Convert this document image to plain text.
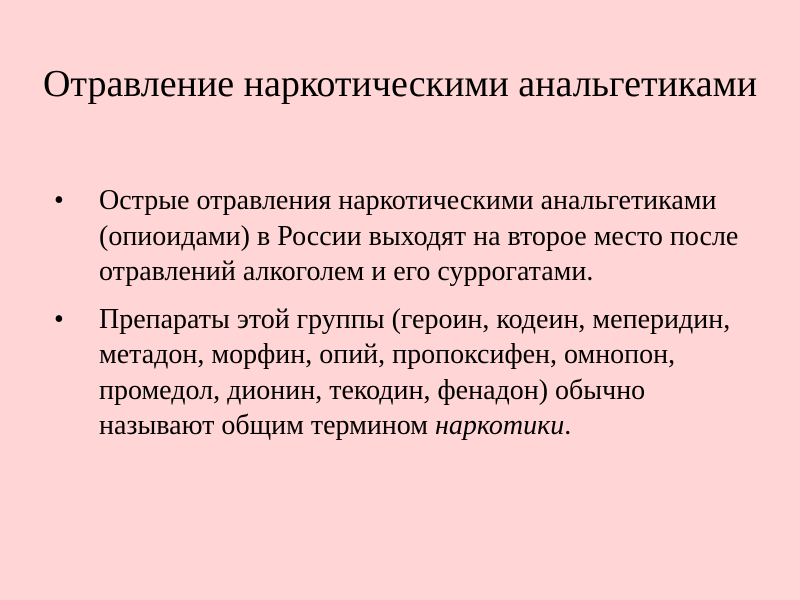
Отравление наркотическими анальгетиками
•	Острые отравления наркотическими анальгетиками (опиоидами) в России выходят на второе место после отравлений алкоголем и его суррогатами.
•	Препараты этой группы (героин, кодеин, меперидин, метадон, морфин, опий, пропоксифен, омнопон, промедол, дионин, текодин, фенадон) обычно называют общим термином наркотики.
